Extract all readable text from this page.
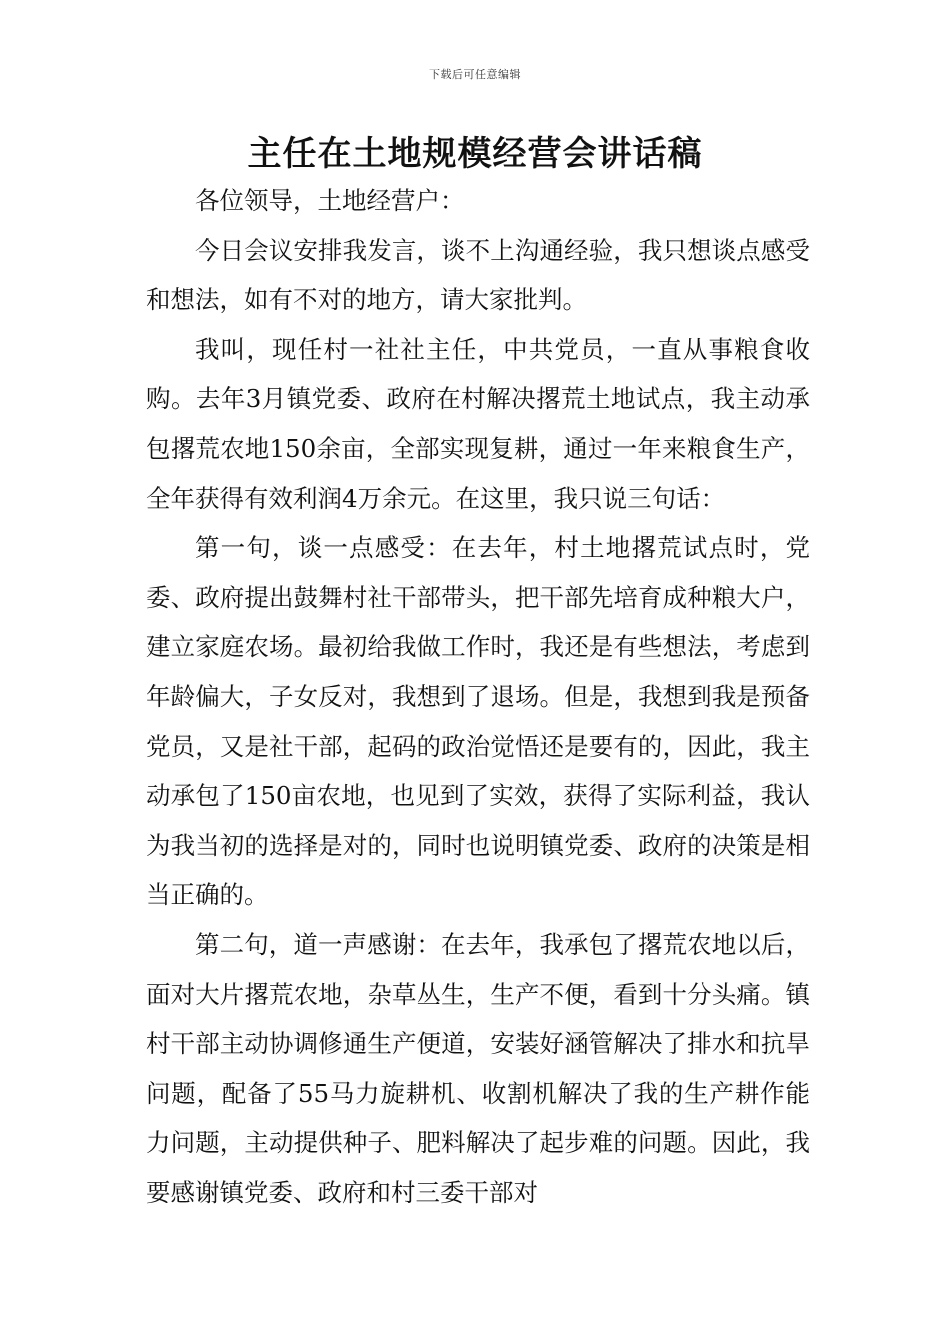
下载后可任意编辑
主任在土地规模经营会讲话稿

各位领导，土地经营户：

今日会议安排我发言，谈不上沟通经验，我只想谈点感受和想法，如有不对的地方，请大家批判。

我叫，现任村一社社主任，中共党员，一直从事粮食收购。去年3月镇党委、政府在村解决撂荒土地试点，我主动承包撂荒农地150余亩，全部实现复耕，通过一年来粮食生产，全年获得有效利润4万余元。在这里，我只说三句话：

第一句，谈一点感受：在去年，村土地撂荒试点时，党委、政府提出鼓舞村社干部带头，把干部先培育成种粮大户，建立家庭农场。最初给我做工作时，我还是有些想法，考虑到年龄偏大，子女反对，我想到了退场。但是，我想到我是预备党员，又是社干部，起码的政治觉悟还是要有的，因此，我主动承包了150亩农地，也见到了实效，获得了实际利益，我认为我当初的选择是对的，同时也说明镇党委、政府的决策是相当正确的。

第二句，道一声感谢：在去年，我承包了撂荒农地以后，面对大片撂荒农地，杂草丛生，生产不便，看到十分头痛。镇村干部主动协调修通生产便道，安装好涵管解决了排水和抗旱问题，配备了55马力旋耕机、收割机解决了我的生产耕作能力问题，主动提供种子、肥料解决了起步难的问题。因此，我要感谢镇党委、政府和村三委干部对
